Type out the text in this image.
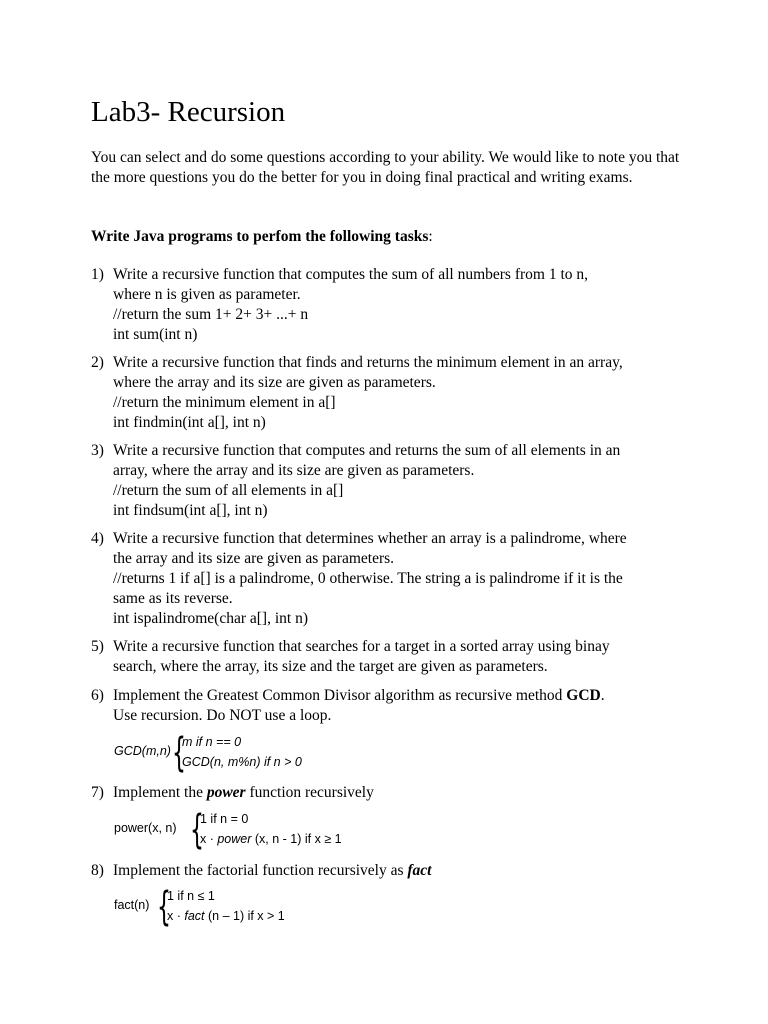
Lab3- Recursion

You can select and do some questions according to your ability. We would like to note you that the more questions you do the better for you in doing final practical and writing exams.

Write Java programs to perfom the following tasks:

1) Write a recursive function that computes the sum of all numbers from 1 to n,
where n is given as parameter.
//return the sum 1+ 2+ 3+ ...+ n
int sum(int n)
2) Write a recursive function that finds and returns the minimum element in an array,
where the array and its size are given as parameters.
//return the minimum element in a[]
int findmin(int a[], int n)
3) Write a recursive function that computes and returns the sum of all elements in an
array, where the array and its size are given as parameters.
//return the sum of all elements in a[]
int findsum(int a[], int n)
4) Write a recursive function that determines whether an array is a palindrome, where
the array and its size are given as parameters.
//returns 1 if a[] is a palindrome, 0 otherwise. The string a is palindrome if it is the
same as its reverse.
int ispalindrome(char a[], int n)
5) Write a recursive function that searches for a target in a sorted array using binay
search, where the array, its size and the target are given as parameters.
6) Implement the Greatest Common Divisor algorithm as recursive method GCD.
Use recursion. Do NOT use a loop.
GCD(m,n) {
m if n == 0
GCD(n, m%n) if n > 0
7) Implement the power function recursively
power(x, n) {
1 if n = 0
x · power (x, n - 1) if x ≥ 1
8) Implement the factorial function recursively as fact
fact(n) {
1 if n ≤ 1
x · fact (n – 1) if x > 1
